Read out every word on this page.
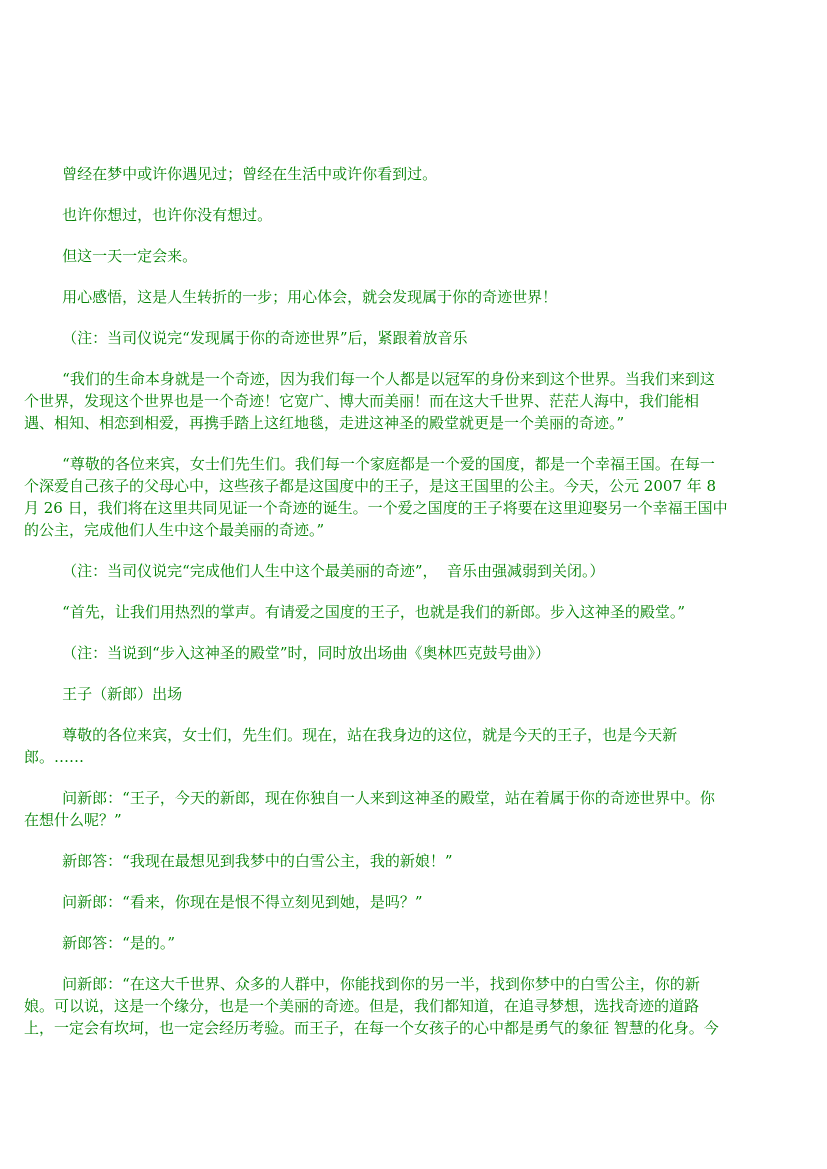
曾经在梦中或许你遇见过；曾经在生活中或许你看到过。
也许你想过，也许你没有想过。
但这一天一定会来。
用心感悟，这是人生转折的一步；用心体会，就会发现属于你的奇迹世界！
（注：当司仪说完“发现属于你的奇迹世界”后，紧跟着放音乐
“我们的生命本身就是一个奇迹，因为我们每一个人都是以冠军的身份来到这个世界。当我们来到这
个世界，发现这个世界也是一个奇迹！它宽广、博大而美丽！而在这大千世界、茫茫人海中，我们能相
遇、相知、相恋到相爱，再携手踏上这红地毯，走进这神圣的殿堂就更是一个美丽的奇迹。”
“尊敬的各位来宾，女士们先生们。我们每一个家庭都是一个爱的国度，都是一个幸福王国。在每一
个深爱自己孩子的父母心中，这些孩子都是这国度中的王子，是这王国里的公主。今天，公元 2007 年 8
月 26 日，我们将在这里共同见证一个奇迹的诞生。一个爱之国度的王子将要在这里迎娶另一个幸福王国中
的公主，完成他们人生中这个最美丽的奇迹。”
（注：当司仪说完“完成他们人生中这个最美丽的奇迹”，  音乐由强减弱到关闭。）
“首先，让我们用热烈的掌声。有请爱之国度的王子，也就是我们的新郎。步入这神圣的殿堂。”
（注：当说到“步入这神圣的殿堂”时，同时放出场曲《奥林匹克鼓号曲》）
王子（新郎）出场
尊敬的各位来宾，女士们，先生们。现在，站在我身边的这位，就是今天的王子，也是今天新
郎。……
问新郎：“王子，今天的新郎，现在你独自一人来到这神圣的殿堂，站在着属于你的奇迹世界中。你
在想什么呢？”
新郎答：“我现在最想见到我梦中的白雪公主，我的新娘！”
问新郎：“看来，你现在是恨不得立刻见到她，是吗？”
新郎答：“是的。”
问新郎：“在这大千世界、众多的人群中，你能找到你的另一半，找到你梦中的白雪公主，你的新
娘。可以说，这是一个缘分，也是一个美丽的奇迹。但是，我们都知道，在追寻梦想，选找奇迹的道路
上，一定会有坎坷，也一定会经历考验。而王子，在每一个女孩子的心中都是勇气的象征 智慧的化身。今
